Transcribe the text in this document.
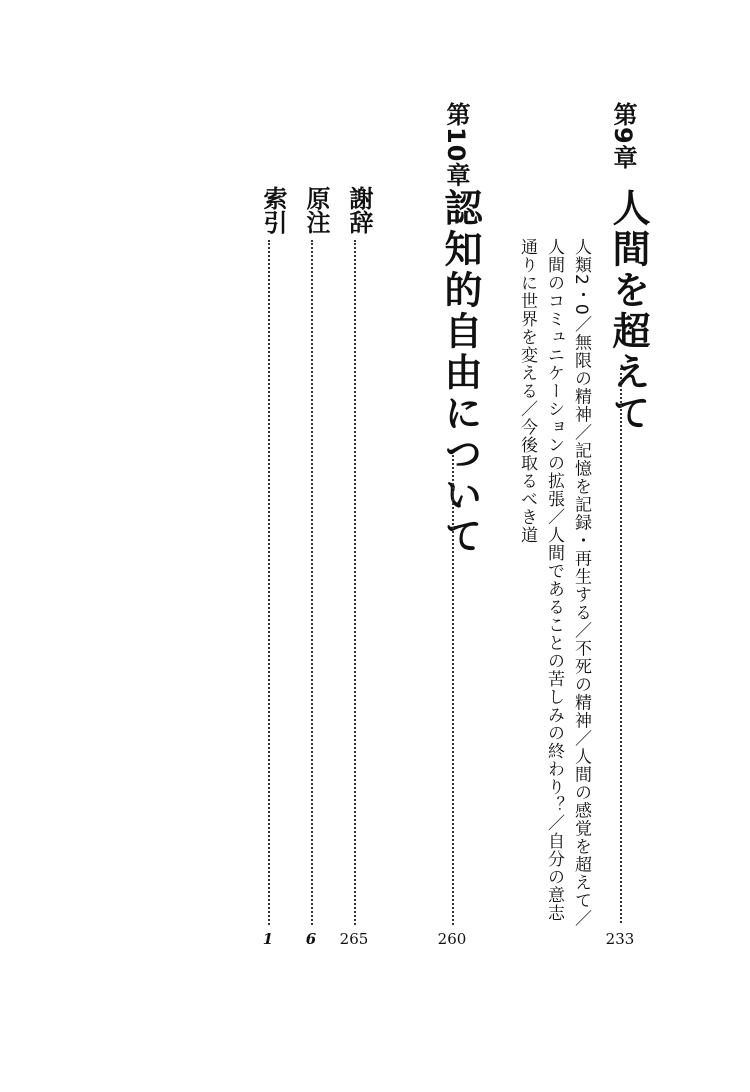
第9章
人間を超えて
233
人類2・0／無限の精神／記憶を記録・再生する／不死の精神／人間の感覚を超えて／人間のコミュニケーションの拡張／人間であることの苦しみの終わり？／自分の意志通りに世界を変える／今後取るべき道
第10章
認知的自由について
260
謝辞
265
原注
6
索引
1
